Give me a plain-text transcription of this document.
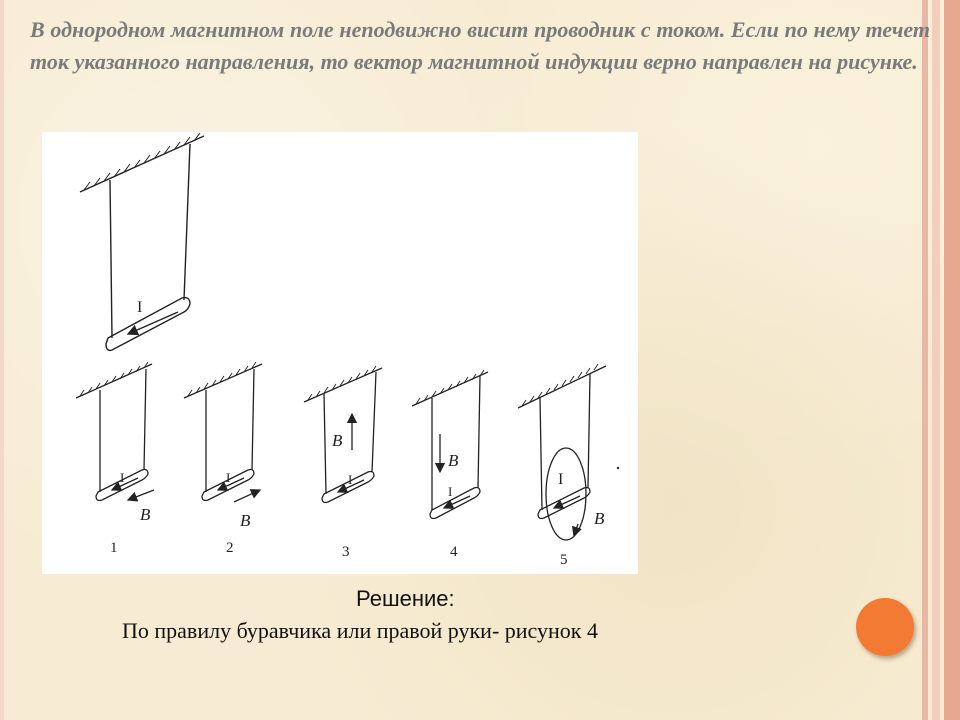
В однородном магнитном поле неподвижно висит проводник с током. Если по нему течет ток указанного направления, то вектор магнитной индукции верно направлен на рисунке.
I
I
B
1
I
B
2
I
B
3
I
B
4
I
B
5
Решение:
По правилу буравчика или правой руки- рисунок 4
